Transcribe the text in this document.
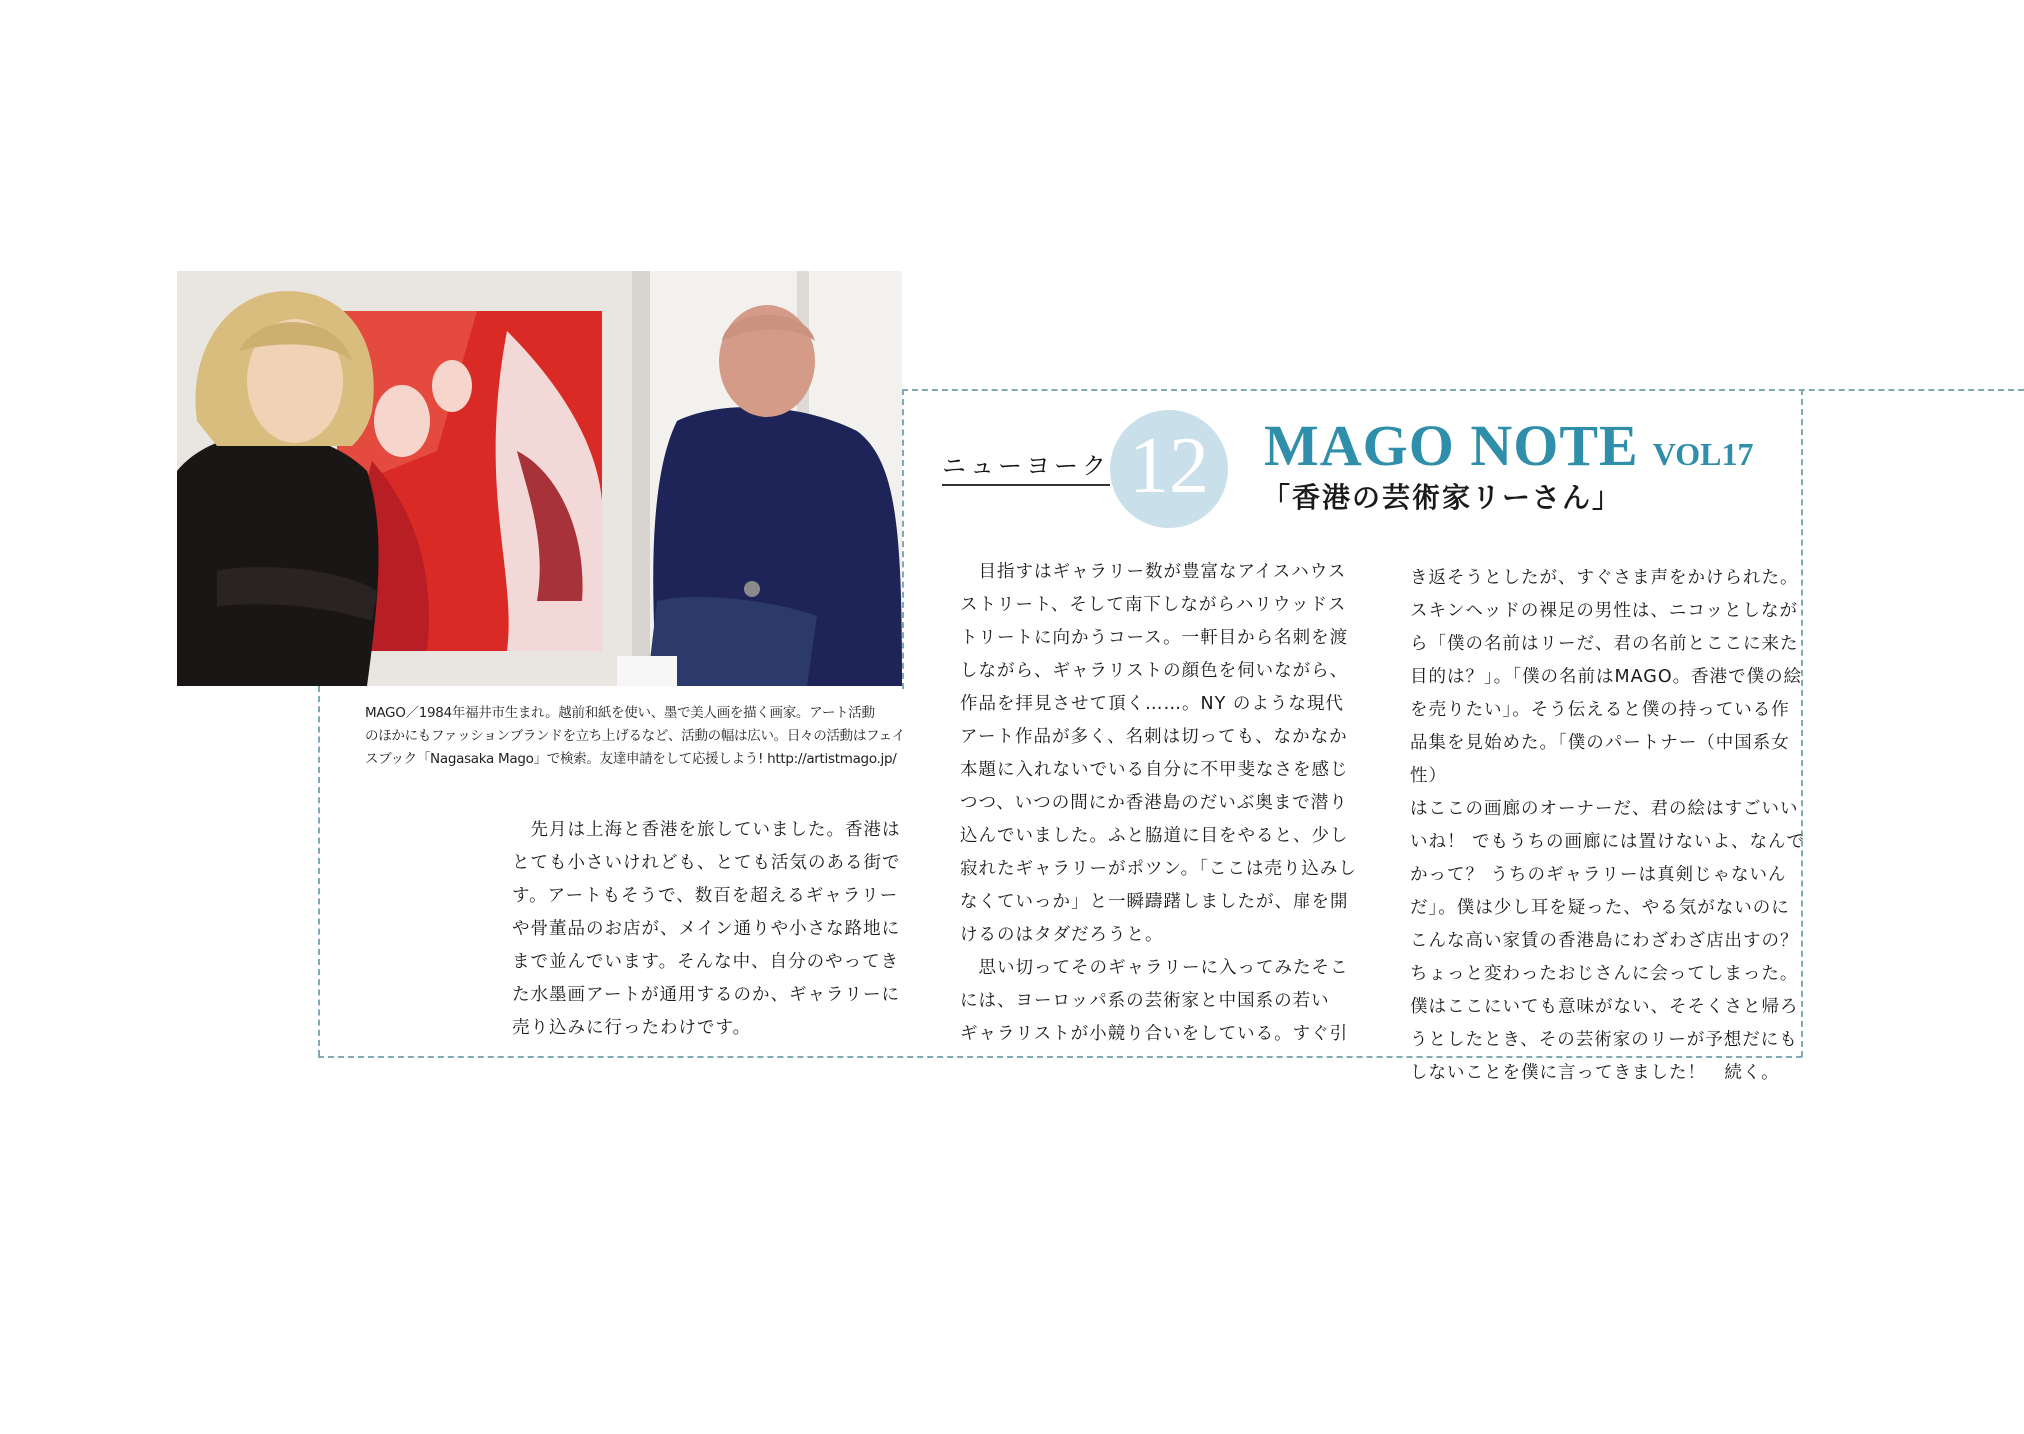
MAGO／1984年福井市生まれ。越前和紙を使い、墨で美人画を描く画家。アート活動
のほかにもファッションブランドを立ち上げるなど、活動の幅は広い。日々の活動はフェイ
スブック「Nagasaka Mago」で検索。友達申請をして応援しよう! http://artistmago.jp/
ニューヨーク 12 MAGO NOTE VOL17
「香港の芸術家リーさん」
　先月は上海と香港を旅していました。香港は
とても小さいけれども、とても活気のある街で
す。アートもそうで、数百を超えるギャラリー
や骨董品のお店が、メイン通りや小さな路地に
まで並んでいます。そんな中、自分のやってき
た水墨画アートが通用するのか、ギャラリーに
売り込みに行ったわけです。
　目指すはギャラリー数が豊富なアイスハウス
ストリート、そして南下しながらハリウッドス
トリートに向かうコース。一軒目から名刺を渡
しながら、ギャラリストの顔色を伺いながら、
作品を拝見させて頂く……。NY のような現代
アート作品が多く、名刺は切っても、なかなか
本題に入れないでいる自分に不甲斐なさを感じ
つつ、いつの間にか香港島のだいぶ奥まで潜り
込んでいました。ふと脇道に目をやると、少し
寂れたギャラリーがポツン。「ここは売り込みし
なくていっか」と一瞬躊躇しましたが、扉を開
けるのはタダだろうと。
　思い切ってそのギャラリーに入ってみたそこ
には、ヨーロッパ系の芸術家と中国系の若い
ギャラリストが小競り合いをしている。すぐ引
き返そうとしたが、すぐさま声をかけられた。
スキンヘッドの裸足の男性は、ニコッとしなが
ら「僕の名前はリーだ、君の名前とここに来た
目的は？」。「僕の名前はMAGO。香港で僕の絵
を売りたい」。そう伝えると僕の持っている作
品集を見始めた。「僕のパートナー（中国系女性）
はここの画廊のオーナーだ、君の絵はすごいい
いね！ でもうちの画廊には置けないよ、なんで
かって？ うちのギャラリーは真剣じゃないん
だ」。僕は少し耳を疑った、やる気がないのに
こんな高い家賃の香港島にわざわざ店出すの？
ちょっと変わったおじさんに会ってしまった。
僕はここにいても意味がない、そそくさと帰ろ
うとしたとき、その芸術家のリーが予想だにも
しないことを僕に言ってきました！　続く。
